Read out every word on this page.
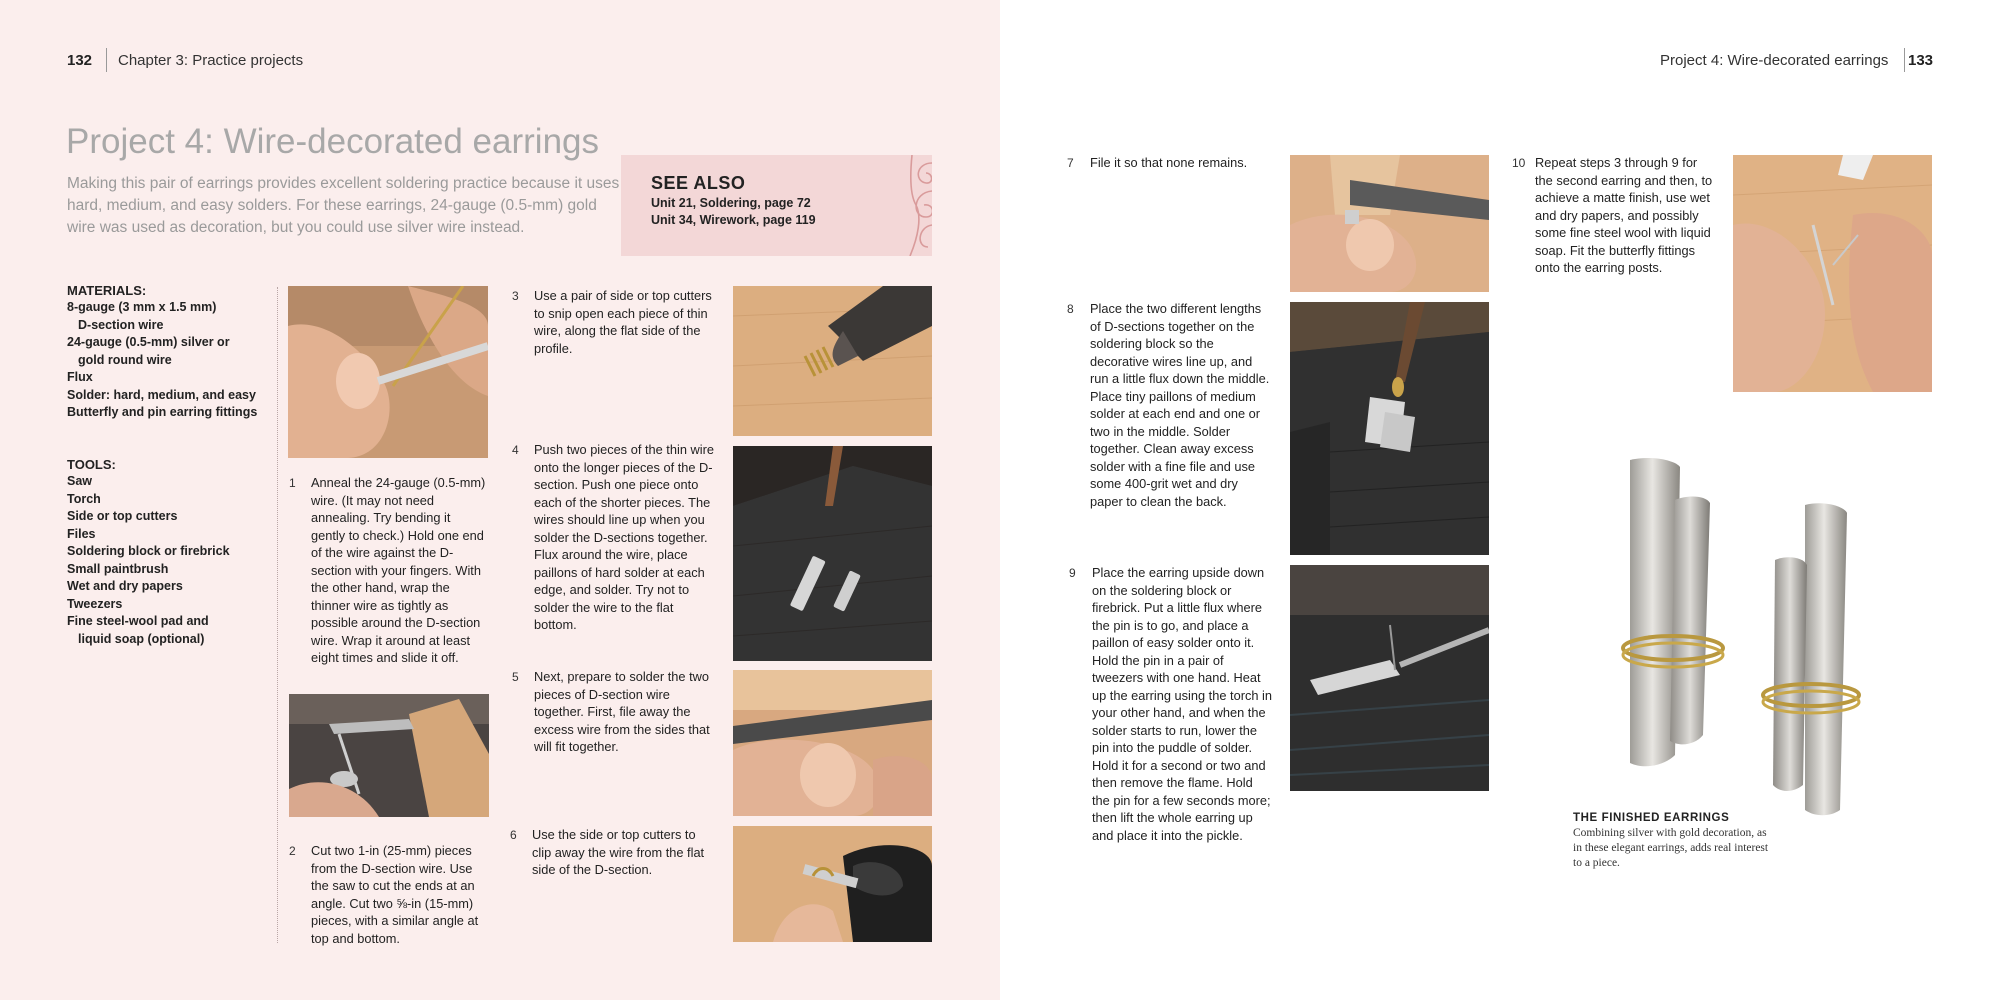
132 Chapter 3: Practice projects
Project 4: Wire-decorated earrings
Making this pair of earrings provides excellent soldering practice because it uses hard, medium, and easy solders. For these earrings, 24-gauge (0.5-mm) gold wire was used as decoration, but you could use silver wire instead.
SEE ALSO
Unit 21, Soldering, page 72
Unit 34, Wirework, page 119
MATERIALS:
8-gauge (3 mm x 1.5 mm)
D-section wire
24-gauge (0.5-mm) silver or
gold round wire
Flux
Solder: hard, medium, and easy
Butterfly and pin earring fittings
TOOLS:
Saw
Torch
Side or top cutters
Files
Soldering block or firebrick
Small paintbrush
Wet and dry papers
Tweezers
Fine steel-wool pad and
liquid soap (optional)
1 Anneal the 24-gauge (0.5-mm) wire. (It may not need annealing. Try bending it gently to check.) Hold one end of the wire against the D-section with your fingers. With the other hand, wrap the thinner wire as tightly as possible around the D-section wire. Wrap it around at least eight times and slide it off.
2 Cut two 1-in (25-mm) pieces from the D-section wire. Use the saw to cut the ends at an angle. Cut two ⅝-in (15-mm) pieces, with a similar angle at top and bottom.
3 Use a pair of side or top cutters to snip open each piece of thin wire, along the flat side of the profile.
4 Push two pieces of the thin wire onto the longer pieces of the D-section. Push one piece onto each of the shorter pieces. The wires should line up when you solder the D-sections together. Flux around the wire, place paillons of hard solder at each edge, and solder. Try not to solder the wire to the flat bottom.
5 Next, prepare to solder the two pieces of D-section wire together. First, file away the excess wire from the sides that will fit together.
6 Use the side or top cutters to clip away the wire from the flat side of the D-section.
Project 4: Wire-decorated earrings 133
7 File it so that none remains.
8 Place the two different lengths of D-sections together on the soldering block so the decorative wires line up, and run a little flux down the middle. Place tiny paillons of medium solder at each end and one or two in the middle. Solder together. Clean away excess solder with a fine file and use some 400-grit wet and dry paper to clean the back.
9 Place the earring upside down on the soldering block or firebrick. Put a little flux where the pin is to go, and place a paillon of easy solder onto it. Hold the pin in a pair of tweezers with one hand. Heat up the earring using the torch in your other hand, and when the solder starts to run, lower the pin into the puddle of solder. Hold it for a second or two and then remove the flame. Hold the pin for a few seconds more; then lift the whole earring up and place it into the pickle.
10 Repeat steps 3 through 9 for the second earring and then, to achieve a matte finish, use wet and dry papers, and possibly some fine steel wool with liquid soap. Fit the butterfly fittings onto the earring posts.
THE FINISHED EARRINGS
Combining silver with gold decoration, as in these elegant earrings, adds real interest to a piece.
